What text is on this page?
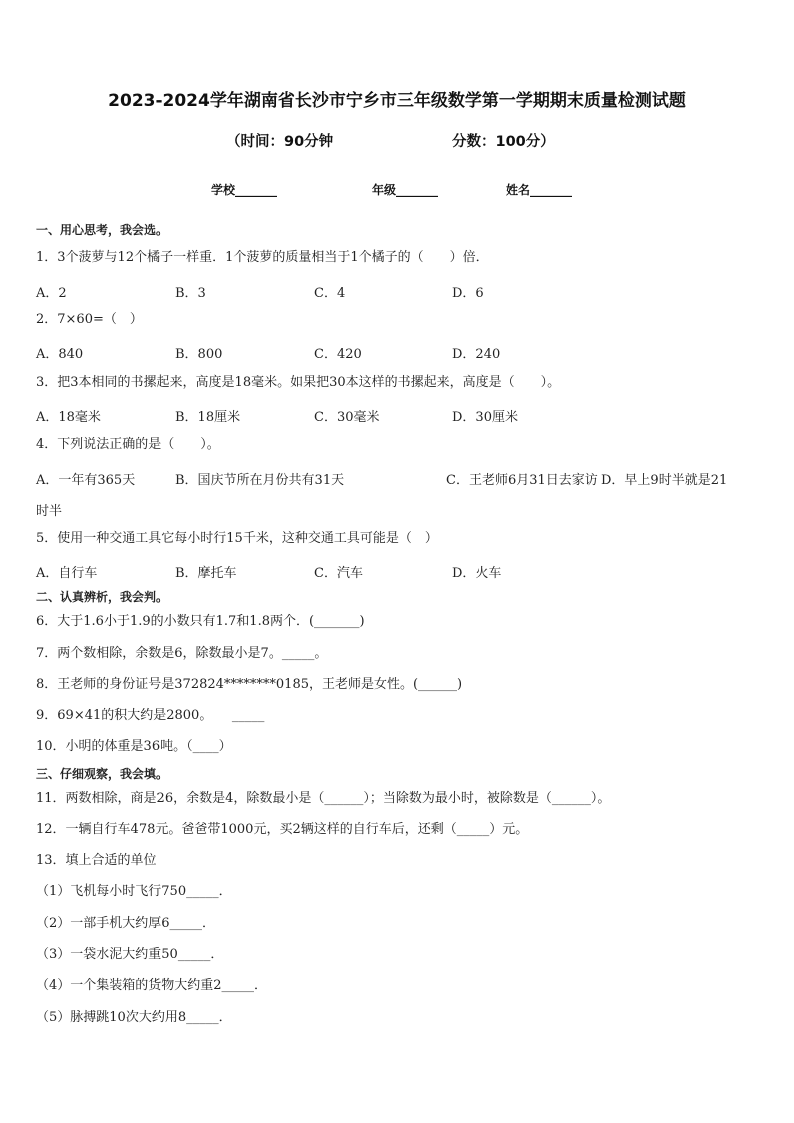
2023-2024学年湖南省长沙市宁乡市三年级数学第一学期期末质量检测试题
（时间：90分钟	分数：100分）
学校_______	年级_______	姓名_______
一、用心思考，我会选。
1．3个菠萝与12个橘子一样重．1个菠萝的质量相当于1个橘子的（　　）倍．
A．2	B．3	C．4	D．6
2．7×60=（　）
A．840	B．800	C．420	D．240
3．把3本相同的书摞起来，高度是18毫米。如果把30本这样的书摞起来，高度是（　　）。
A．18毫米	B．18厘米	C．30毫米	D．30厘米
4．下列说法正确的是（　　）。
A．一年有365天	B．国庆节所在月份共有31天	C．王老师6月31日去家访 D．早上9时半就是21
时半
5．使用一种交通工具它每小时行15千米，这种交通工具可能是（　）
A．自行车	B．摩托车	C．汽车	D．火车
二、认真辨析，我会判。
6．大于1.6小于1.9的小数只有1.7和1.8两个．(_______)
7．两个数相除，余数是6，除数最小是7。_____。
8．王老师的身份证号是372824********0185，王老师是女性。(______)
9．69×41的积大约是2800。　　_____
10．小明的体重是36吨。（____）
三、仔细观察，我会填。
11．两数相除，商是26，余数是4，除数最小是（______）；当除数为最小时，被除数是（______）。
12．一辆自行车478元。爸爸带1000元，买2辆这样的自行车后，还剩（_____）元。
13．填上合适的单位
（1）飞机每小时飞行750_____．
（2）一部手机大约厚6_____．
（3）一袋水泥大约重50_____．
（4）一个集装箱的货物大约重2_____．
（5）脉搏跳10次大约用8_____．
